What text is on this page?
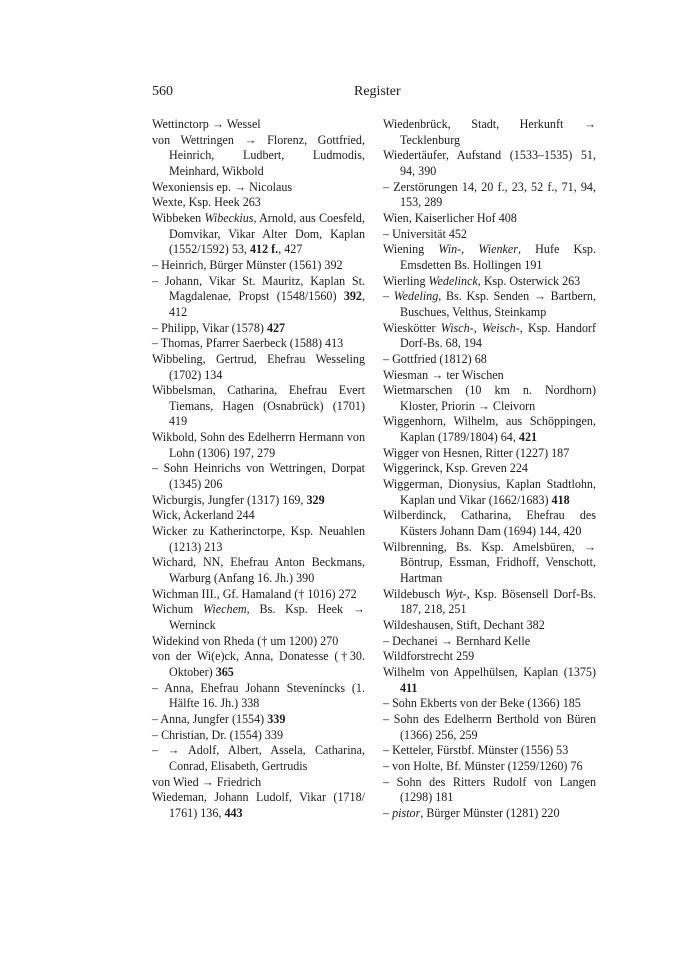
560	Register

Wettinctorp → Wessel

von Wettringen → Florenz, Gottfried, Heinrich, Ludbert, Ludmodis, Meinhard, Wikbold

Wexoniensis ep. → Nicolaus

Wexte, Ksp. Heek 263

Wibbeken Wibeckius, Arnold, aus Coesfeld, Domvikar, Vikar Alter Dom, Kaplan (1552/1592) 53, 412 f., 427

– Heinrich, Bürger Münster (1561) 392

– Johann, Vikar St. Mauritz, Kaplan St. Magdalenae, Propst (1548/1560) 392, 412

– Philipp, Vikar (1578) 427

– Thomas, Pfarrer Saerbeck (1588) 413

Wibbeling, Gertrud, Ehefrau Wesseling (1702) 134

Wibbelsman, Catharina, Ehefrau Evert Tiemans, Hagen (Osnabrück) (1701) 419

Wikbold, Sohn des Edelherrn Hermann von Lohn (1306) 197, 279

– Sohn Heinrichs von Wettringen, Dorpat (1345) 206

Wicburgis, Jungfer (1317) 169, 329

Wick, Ackerland 244

Wicker zu Katherinctorpe, Ksp. Neuahlen (1213) 213

Wichard, NN, Ehefrau Anton Beckmans, Warburg (Anfang 16. Jh.) 390

Wichman III., Gf. Hamaland († 1016) 272

Wichum Wiechem, Bs. Ksp. Heek → Werninck

Widekind von Rheda († um 1200) 270

von der Wi(e)ck, Anna, Donatesse (†30. Oktober) 365

– Anna, Ehefrau Johann Steveníncks (1. Hälfte 16. Jh.) 338

– Anna, Jungfer (1554) 339

– Christian, Dr. (1554) 339

– → Adolf, Albert, Assela, Catharina, Conrad, Elisabeth, Gertrudis

von Wied → Friedrich

Wiedeman, Johann Ludolf, Vikar (1718/ 1761) 136, 443

Wiedenbrück, Stadt, Herkunft → Tecklenburg

Wiedertäufer, Aufstand (1533–1535) 51, 94, 390

– Zerstörungen 14, 20 f., 23, 52 f., 71, 94, 153, 289

Wien, Kaiserlicher Hof 408

– Universität 452

Wiening Win-, Wienker, Hufe Ksp. Emsdetten Bs. Hollingen 191

Wierling Wedelinck, Ksp. Osterwick 263

– Wedeling, Bs. Ksp. Senden → Bartbern, Buschues, Velthus, Steinkamp

Wieskötter Wisch-, Weisch-, Ksp. Handorf Dorf-Bs. 68, 194

– Gottfried (1812) 68

Wiesman → ter Wischen

Wietmarschen (10 km n. Nordhorn) Kloster, Priorin → Cleivorn

Wiggenhorn, Wilhelm, aus Schöppingen, Kaplan (1789/1804) 64, 421

Wigger von Hesnen, Ritter (1227) 187

Wiggerinck, Ksp. Greven 224

Wiggerman, Dionysius, Kaplan Stadtlohn, Kaplan und Vikar (1662/1683) 418

Wilberdinck, Catharina, Ehefrau des Küsters Johann Dam (1694) 144, 420

Wilbrenning, Bs. Ksp. Amelsbüren, → Böntrup, Essman, Fridhoff, Venschott, Hartman

Wildebusch Wyt-, Ksp. Bösensell Dorf-Bs. 187, 218, 251

Wildeshausen, Stift, Dechant 382

– Dechanei → Bernhard Kelle

Wildforstrecht 259

Wilhelm von Appelhülsen, Kaplan (1375) 411

– Sohn Ekberts von der Beke (1366) 185

– Sohn des Edelherrn Berthold von Büren (1366) 256, 259

– Ketteler, Fürstbf. Münster (1556) 53

– von Holte, Bf. Münster (1259/1260) 76

– Sohn des Ritters Rudolf von Langen (1298) 181

– pistor, Bürger Münster (1281) 220
